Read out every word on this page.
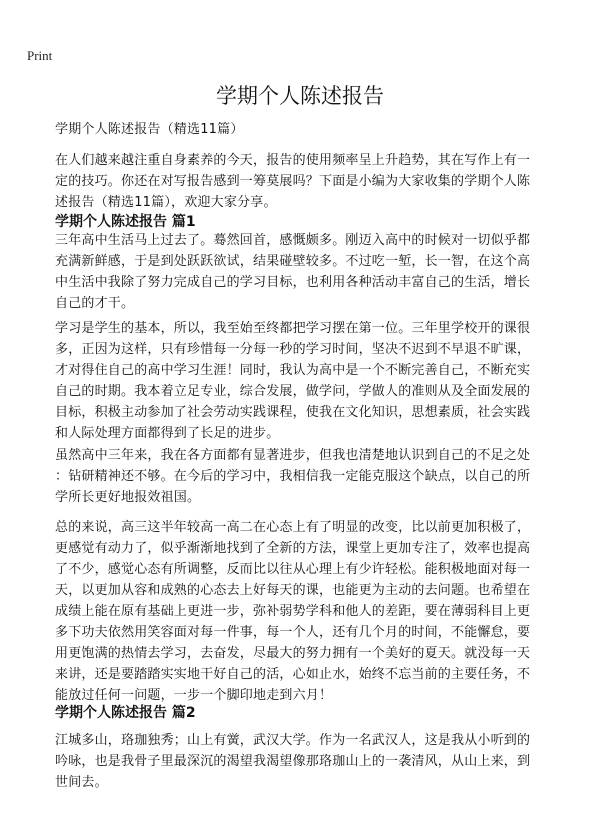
Print
学期个人陈述报告
学期个人陈述报告（精选11篇）
在人们越来越注重自身素养的今天，报告的使用频率呈上升趋势，其在写作上有一
定的技巧。你还在对写报告感到一筹莫展吗？下面是小编为大家收集的学期个人陈
述报告（精选11篇），欢迎大家分享。
学期个人陈述报告 篇1
三年高中生活马上过去了。蓦然回首，感慨颇多。刚迈入高中的时候对一切似乎都
充满新鲜感，于是到处跃跃欲试，结果碰壁较多。不过吃一堑，长一智，在这个高
中生活中我除了努力完成自己的学习目标，也利用各种活动丰富自己的生活，增长
自己的才干。
学习是学生的基本，所以，我至始至终都把学习摆在第一位。三年里学校开的课很
多，正因为这样，只有珍惜每一分每一秒的学习时间，坚决不迟到不早退不旷课，
才对得住自己的高中学习生涯！同时，我认为高中是一个不断完善自己，不断充实
自己的时期。我本着立足专业，综合发展，做学问，学做人的准则从及全面发展的
目标，积极主动参加了社会劳动实践课程，使我在文化知识，思想素质，社会实践
和人际处理方面都得到了长足的进步。
虽然高中三年来，我在各方面都有显著进步，但我也清楚地认识到自己的不足之处
：钻研精神还不够。在今后的学习中，我相信我一定能克服这个缺点，以自己的所
学所长更好地报效祖国。
总的来说，高三这半年较高一高二在心态上有了明显的改变，比以前更加积极了，
更感觉有动力了，似乎渐渐地找到了全新的方法，课堂上更加专注了，效率也提高
了不少，感觉心态有所调整，反而比以往从心理上有少许轻松。能积极地面对每一
天，以更加从容和成熟的心态去上好每天的课，也能更为主动的去问题。也希望在
成绩上能在原有基础上更进一步，弥补弱势学科和他人的差距，要在薄弱科目上更
多下功夫依然用笑容面对每一件事，每一个人，还有几个月的时间，不能懈怠，要
用更饱满的热情去学习，去奋发，尽最大的努力拥有一个美好的夏天。就没每一天
来讲，还是要踏踏实实地干好自己的活，心如止水，始终不忘当前的主要任务，不
能放过任何一问题，一步一个脚印地走到六月！
学期个人陈述报告 篇2
江城多山，珞珈独秀；山上有黉，武汉大学。作为一名武汉人，这是我从小听到的
吟咏，也是我骨子里最深沉的渴望我渴望像那珞珈山上的一袭清风，从山上来，到
世间去。
